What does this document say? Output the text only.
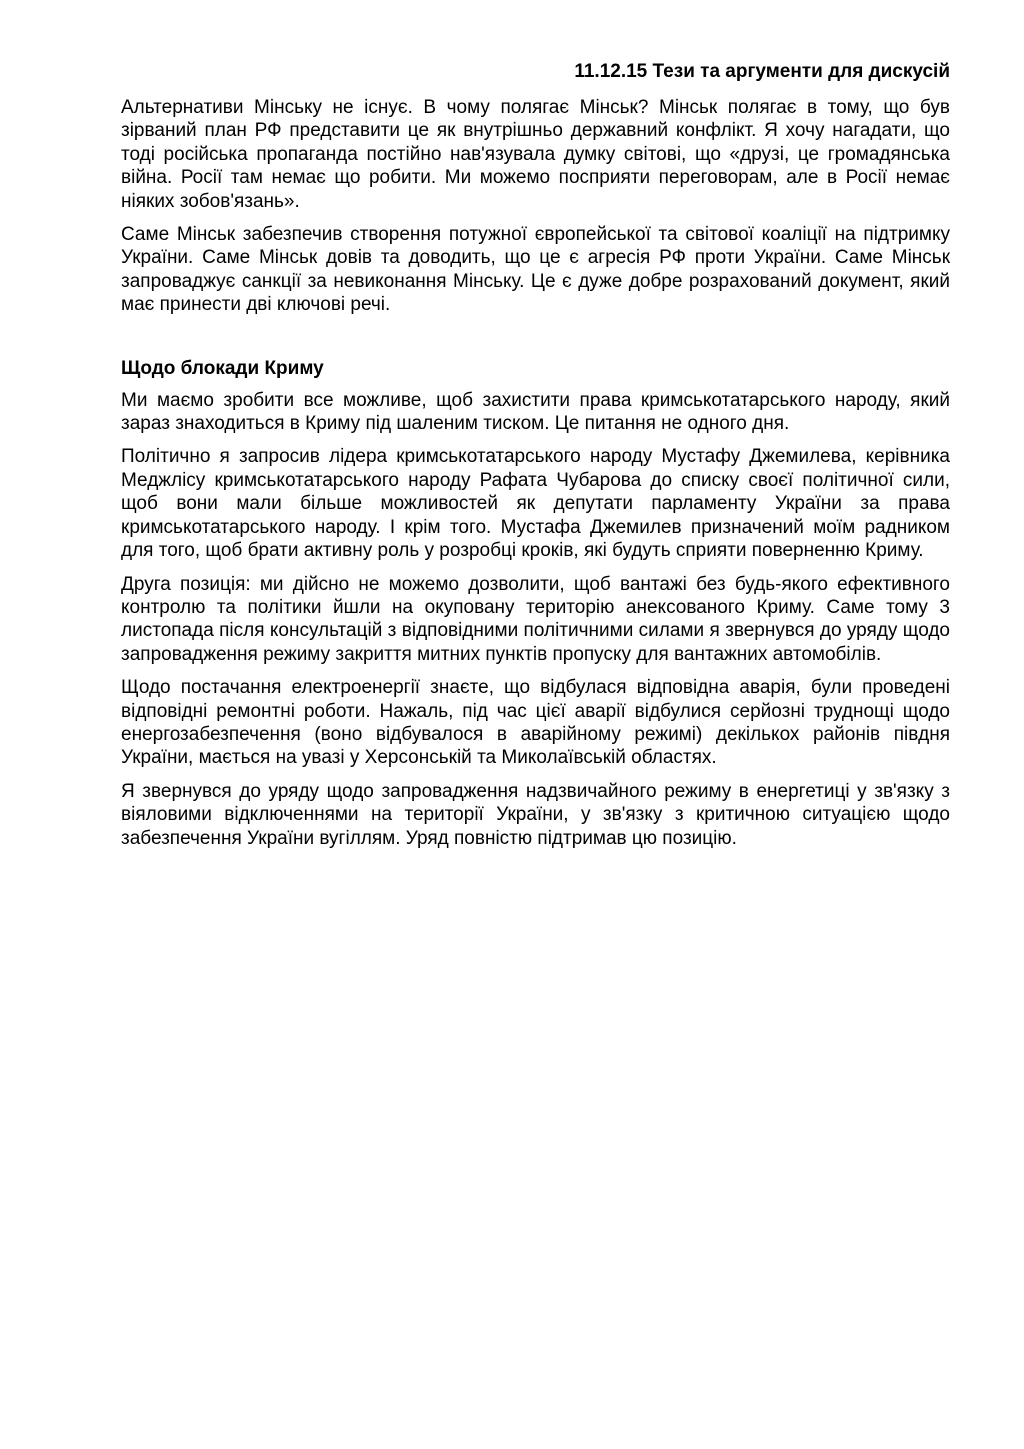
11.12.15 Тези та аргументи для дискусій

Альтернативи Мінську не існує. В чому полягає Мінськ? Мінськ полягає в тому, що був зірваний план РФ представити це як внутрішньо державний конфлікт. Я хочу нагадати, що тоді російська пропаганда постійно нав'язувала думку світові, що «друзі, це громадянська війна. Росії там немає що робити. Ми можемо посприяти переговорам, але в Росії немає ніяких зобов'язань».

Саме Мінськ забезпечив створення потужної європейської та світової коаліції на підтримку України. Саме Мінськ довів та доводить, що це є агресія РФ проти України. Саме Мінськ запроваджує санкції за невиконання Мінську. Це є дуже добре розрахований документ, який має принести дві ключові речі.

Щодо блокади Криму

Ми маємо зробити все можливе, щоб захистити права кримськотатарського народу, який зараз знаходиться в Криму під шаленим тиском. Це питання не одного дня.

Політично я запросив лідера кримськотатарського народу Мустафу Джемилева, керівника Меджлісу кримськотатарського народу Рафата Чубарова до списку своєї політичної сили, щоб вони мали більше можливостей як депутати парламенту України за права кримськотатарського народу. І крім того. Мустафа Джемилев призначений моїм радником для того, щоб брати активну роль у розробці кроків, які будуть сприяти поверненню Криму.

Друга позиція: ми дійсно не можемо дозволити, щоб вантажі без будь-якого ефективного контролю та політики йшли на окуповану територію анексованого Криму. Саме тому 3 листопада після консультацій з відповідними політичними силами я звернувся до уряду щодо запровадження режиму закриття митних пунктів пропуску для вантажних автомобілів.

Щодо постачання електроенергії знаєте, що відбулася відповідна аварія, були проведені відповідні ремонтні роботи. Нажаль, під час цієї аварії відбулися серйозні труднощі щодо енергозабезпечення (воно відбувалося в аварійному режимі) декількох районів півдня України, мається на увазі у Херсонській та Миколаївській областях.

Я звернувся до уряду щодо запровадження надзвичайного режиму в енергетиці у зв'язку з віяловими відключеннями на території України, у зв'язку з критичною ситуацією щодо забезпечення України вугіллям. Уряд повністю підтримав цю позицію.
